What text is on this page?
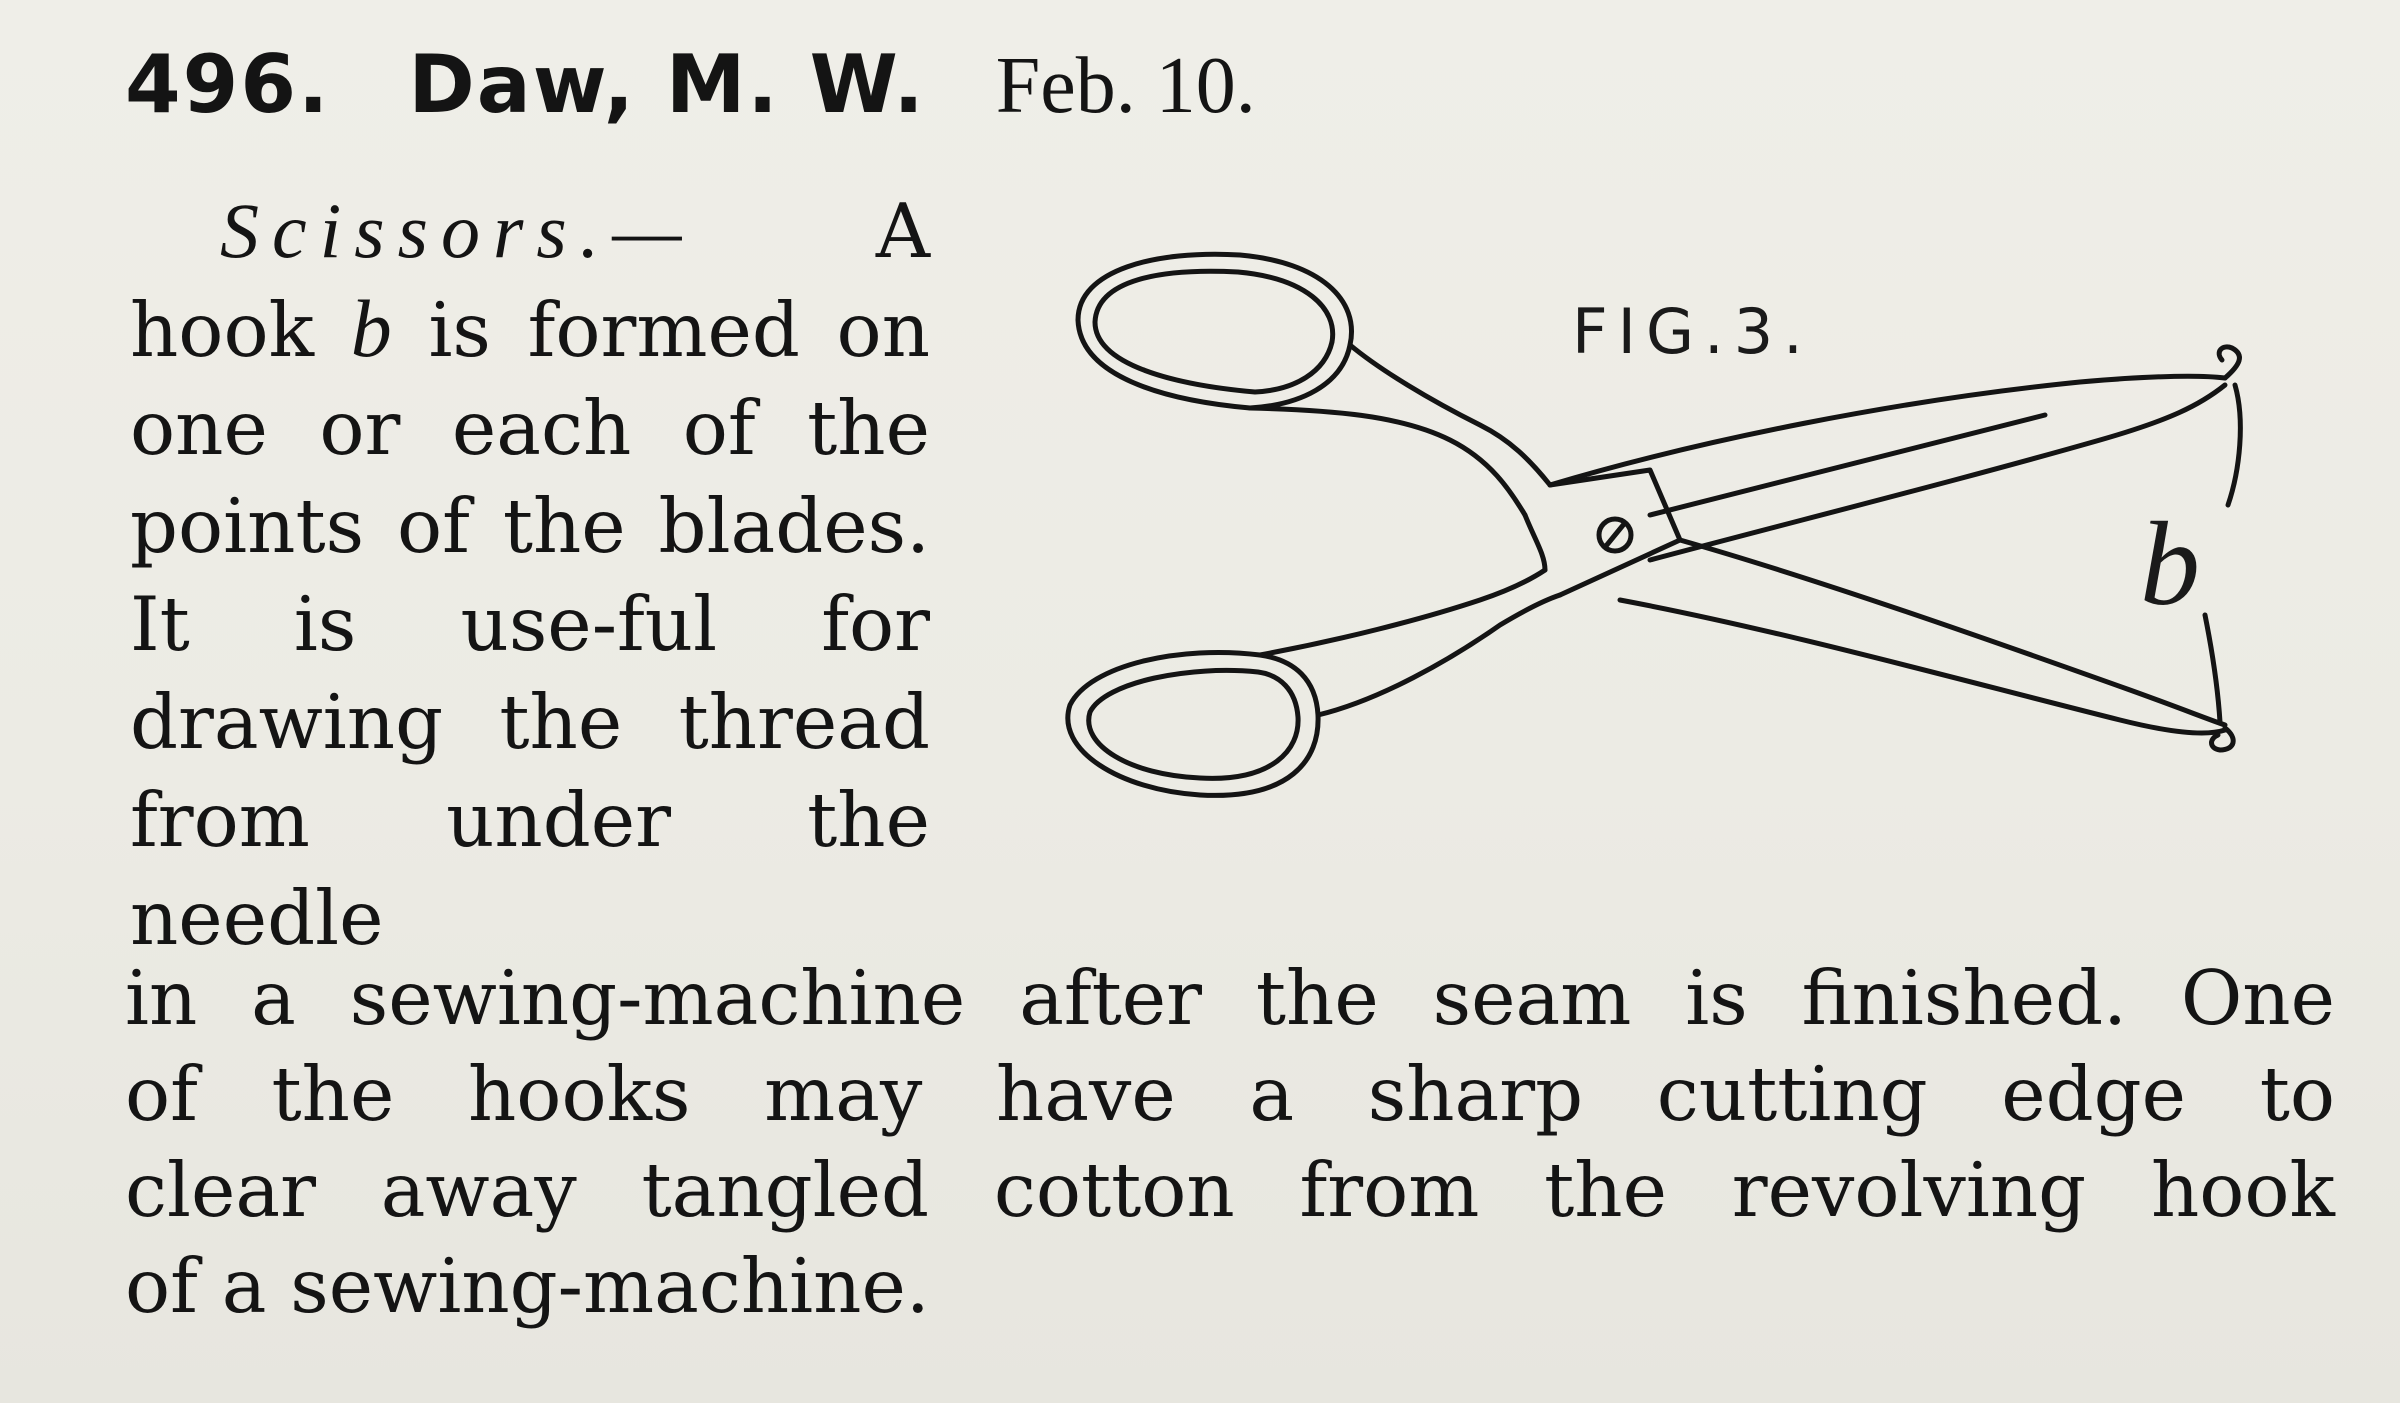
496. Daw, M. W. Feb. 10.
Scissors.— A hook b is formed on one or each of the points of the blades. It is use-ful for drawing the thread from under the needle
in a sewing-machine after the seam is finished. One
of the hooks may have a sharp cutting edge to
clear away tangled cotton from the revolving hook
of a sewing-machine.
FIG.3.
b
